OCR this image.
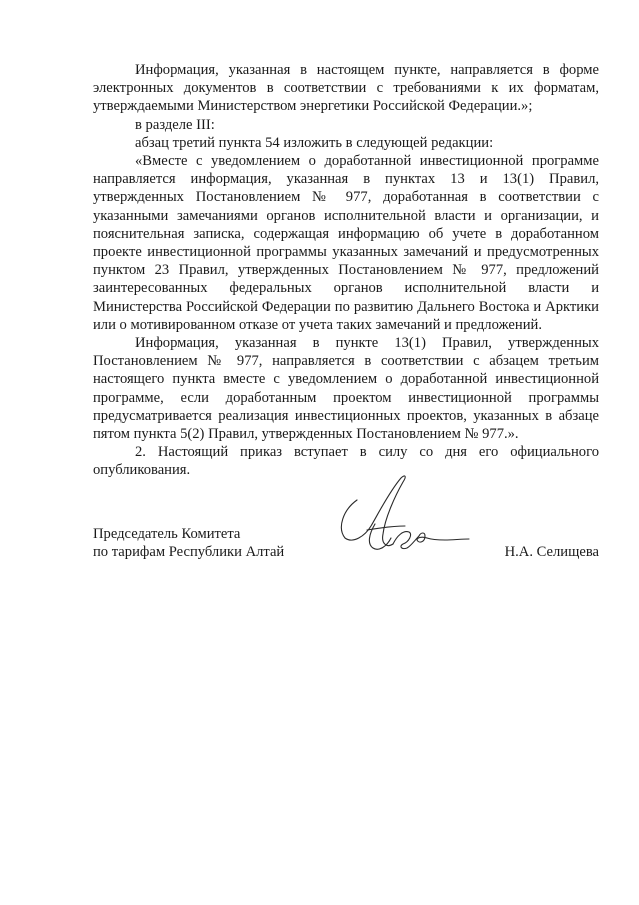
Информация, указанная в настоящем пункте, направляется в форме электронных документов в соответствии с требованиями к их форматам, утверждаемыми Министерством энергетики Российской Федерации.»;

в разделе III:

абзац третий пункта 54 изложить в следующей редакции:

«Вместе с уведомлением о доработанной инвестиционной программе направляется информация, указанная в пунктах 13 и 13(1) Правил, утвержденных Постановлением № 977, доработанная в соответствии с указанными замечаниями органов исполнительной власти и организации, и пояснительная записка, содержащая информацию об учете в доработанном проекте инвестиционной программы указанных замечаний и предусмотренных пунктом 23 Правил, утвержденных Постановлением № 977, предложений заинтересованных федеральных органов исполнительной власти и Министерства Российской Федерации по развитию Дальнего Востока и Арктики или о мотивированном отказе от учета таких замечаний и предложений.

Информация, указанная в пункте 13(1) Правил, утвержденных Постановлением № 977, направляется в соответствии с абзацем третьим настоящего пункта вместе с уведомлением о доработанной инвестиционной программе, если доработанным проектом инвестиционной программы предусматривается реализация инвестиционных проектов, указанных в абзаце пятом пункта 5(2) Правил, утвержденных Постановлением № 977.».

2. Настоящий приказ вступает в силу со дня его официального опубликования.

Председатель Комитета
по тарифам Республики Алтай	Н.А. Селищева
